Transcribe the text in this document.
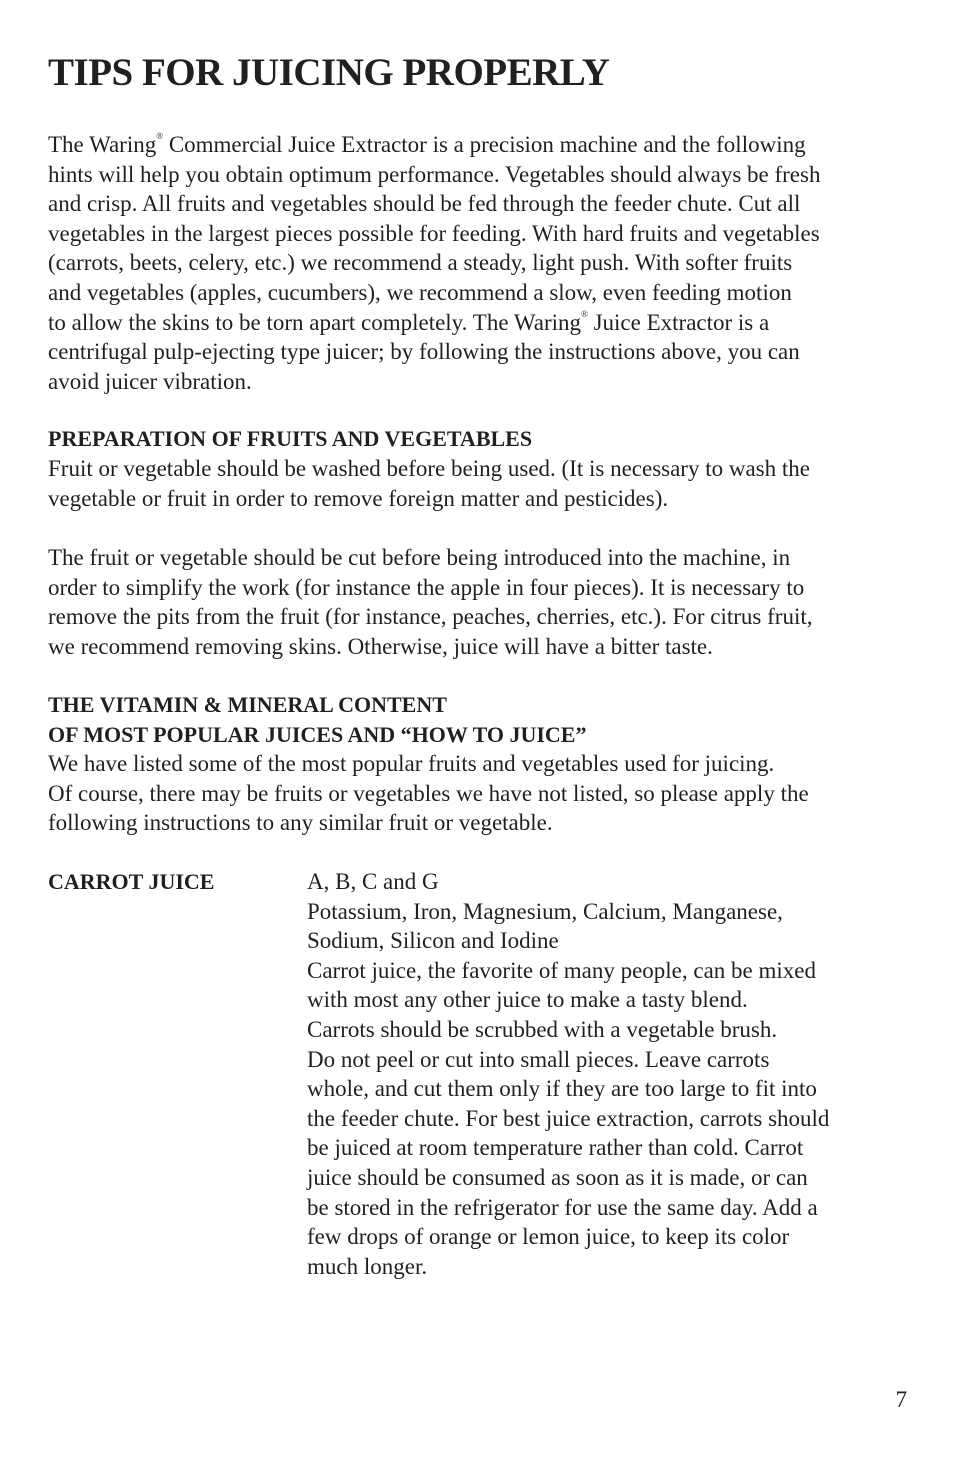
TIPS FOR JUICING PROPERLY
The Waring® Commercial Juice Extractor is a precision machine and the following
hints will help you obtain optimum performance. Vegetables should always be fresh
and crisp. All fruits and vegetables should be fed through the feeder chute. Cut all
vegetables in the largest pieces possible for feeding. With hard fruits and vegetables
(carrots, beets, celery, etc.) we recommend a steady, light push. With softer fruits
and vegetables (apples, cucumbers), we recommend a slow, even feeding motion
to allow the skins to be torn apart completely. The Waring® Juice Extractor is a
centrifugal pulp-ejecting type juicer; by following the instructions above, you can
avoid juicer vibration.
PREPARATION OF FRUITS AND VEGETABLES
Fruit or vegetable should be washed before being used. (It is necessary to wash the
vegetable or fruit in order to remove foreign matter and pesticides).
The fruit or vegetable should be cut before being introduced into the machine, in
order to simplify the work (for instance the apple in four pieces). It is necessary to
remove the pits from the fruit (for instance, peaches, cherries, etc.). For citrus fruit,
we recommend removing skins. Otherwise, juice will have a bitter taste.
THE VITAMIN & MINERAL CONTENT
OF MOST POPULAR JUICES AND “HOW TO JUICE”
We have listed some of the most popular fruits and vegetables used for juicing.
Of course, there may be fruits or vegetables we have not listed, so please apply the
following instructions to any similar fruit or vegetable.
CARROT JUICE	A, B, C and G
Potassium, Iron, Magnesium, Calcium, Manganese,
Sodium, Silicon and Iodine
Carrot juice, the favorite of many people, can be mixed
with most any other juice to make a tasty blend.
Carrots should be scrubbed with a vegetable brush.
Do not peel or cut into small pieces. Leave carrots
whole, and cut them only if they are too large to fit into
the feeder chute. For best juice extraction, carrots should
be juiced at room temperature rather than cold. Carrot
juice should be consumed as soon as it is made, or can
be stored in the refrigerator for use the same day. Add a
few drops of orange or lemon juice, to keep its color
much longer.
7
